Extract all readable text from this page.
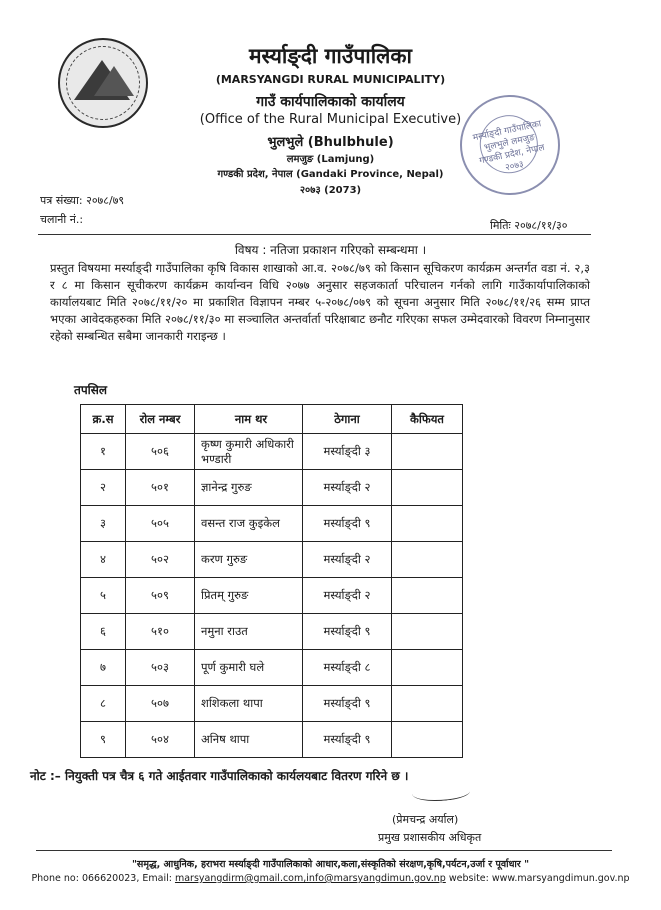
मर्स्याङ्दी गाउँपालिका
(MARSYANGDI RURAL MUNICIPALITY)
गाउँ कार्यपालिकाको कार्यालय
(Office of the Rural Municipal Executive)
भुलभुले (Bhulbhule)
लमजुङ (Lamjung)
गण्डकी प्रदेश, नेपाल (Gandaki Province, Nepal)
२०७३ (2073)
मर्स्याङ्दी गाउँपालिका
भुलभुले लमजुङ
गण्डकी प्रदेश, नेपाल
२०७३
पत्र संख्या: २०७८/७९
चलानी नं.:	मितिः २०७८/११/३०
विषय : नतिजा प्रकाशन गरिएको सम्बन्धमा ।
प्रस्तुत विषयमा मर्स्याङ्दी गाउँपालिका कृषि विकास शाखाको आ.व. २०७८/७९ को किसान सूचिकरण कार्यक्रम अन्तर्गत वडा नं. २,३ र ८ मा किसान सूचीकरण कार्यक्रम कार्यान्वन विधि २०७७ अनुसार सहजकार्ता परिचालन गर्नको लागि गाउँकार्यापालिकाको कार्यालयबाट मिति २०७८/११/२० मा प्रकाशित विज्ञापन नम्बर ५-२०७८/०७९ को सूचना अनुसार मिति २०७८/११/२६ सम्म प्राप्त भएका आवेदकहरुका मिति २०७८/११/३० मा सञ्चालित अन्तर्वार्ता परिक्षाबाट छनौट गरिएका सफल उम्मेदवारको विवरण निम्नानुसार रहेको सम्बन्धित सबैमा जानकारी गराइन्छ ।
तपसिल
क्र.स	रोल नम्बर	नाम थर	ठेगाना	कैफियत
१	५०६	कृष्ण कुमारी अधिकारी भण्डारी	मर्स्याङ्दी ३	
२	५०१	ज्ञानेन्द्र गुरुङ	मर्स्याङ्दी २	
३	५०५	वसन्त राज कुइकेल	मर्स्याङ्दी ९	
४	५०२	करण गुरुङ	मर्स्याङ्दी २	
५	५०९	प्रितम् गुरुङ	मर्स्याङ्दी २	
६	५१०	नमुना राउत	मर्स्याङ्दी ९	
७	५०३	पूर्ण कुमारी घले	मर्स्याङ्दी ८	
८	५०७	शशिकला थापा	मर्स्याङ्दी ९	
९	५०४	अनिष थापा	मर्स्याङ्दी ९	
नोट :– नियुक्ती पत्र चैत्र ६ गते आईतवार गाउँपालिकाको कार्यलयबाट वितरण गरिने छ ।
(प्रेमचन्द्र अर्याल)
प्रमुख प्रशासकीय अधिकृत
"समृद्ध, आधुनिक, हराभरा मर्स्याङ्दी गाउँपालिकाको आधार,कला,संस्कृतिको संरक्षण,कृषि,पर्यटन,उर्जा र पूर्वाधार "
Phone no: 066620023, Email: marsyangdirm@gmail.com,info@marsyangdimun.gov.np website: www.marsyangdimun.gov.np
